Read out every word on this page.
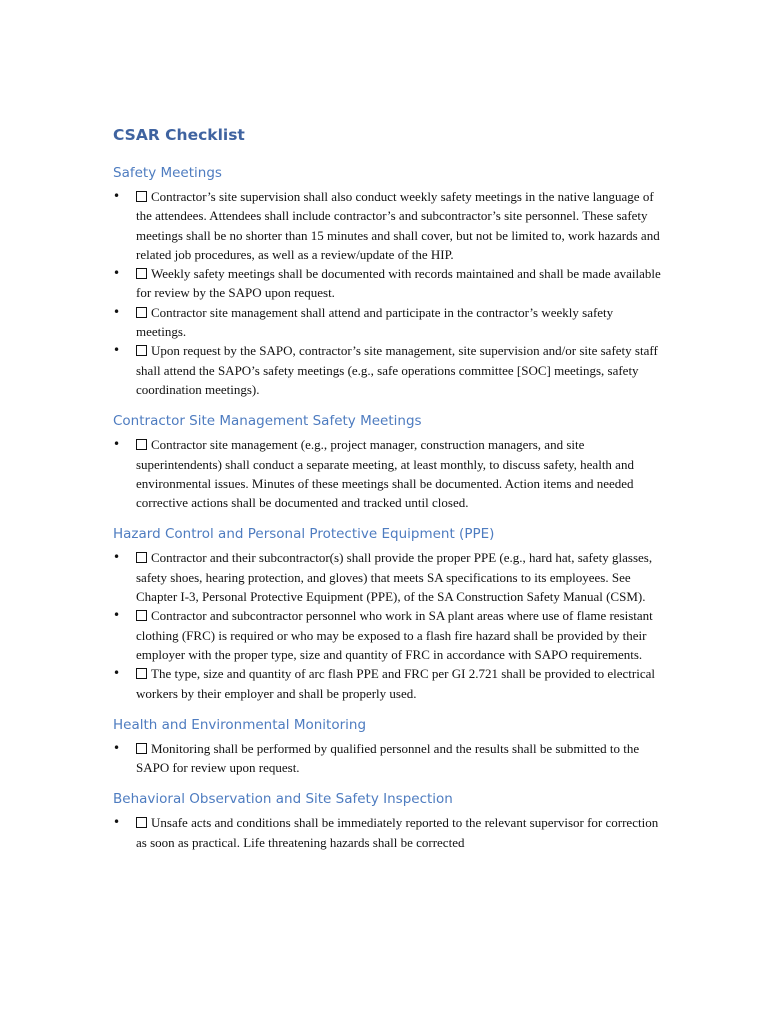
CSAR Checklist
Safety Meetings
• Contractor’s site supervision shall also conduct weekly safety meetings in the native language of the attendees. Attendees shall include contractor’s and subcontractor’s site personnel. These safety meetings shall be no shorter than 15 minutes and shall cover, but not be limited to, work hazards and related job procedures, as well as a review/update of the HIP.
• Weekly safety meetings shall be documented with records maintained and shall be made available for review by the SAPO upon request.
• Contractor site management shall attend and participate in the contractor’s weekly safety meetings.
• Upon request by the SAPO, contractor’s site management, site supervision and/or site safety staff shall attend the SAPO’s safety meetings (e.g., safe operations committee [SOC] meetings, safety coordination meetings).
Contractor Site Management Safety Meetings
• Contractor site management (e.g., project manager, construction managers, and site superintendents) shall conduct a separate meeting, at least monthly, to discuss safety, health and environmental issues. Minutes of these meetings shall be documented. Action items and needed corrective actions shall be documented and tracked until closed.
Hazard Control and Personal Protective Equipment (PPE)
• Contractor and their subcontractor(s) shall provide the proper PPE (e.g., hard hat, safety glasses, safety shoes, hearing protection, and gloves) that meets SA specifications to its employees. See Chapter I-3, Personal Protective Equipment (PPE), of the SA Construction Safety Manual (CSM).
• Contractor and subcontractor personnel who work in SA plant areas where use of flame resistant clothing (FRC) is required or who may be exposed to a flash fire hazard shall be provided by their employer with the proper type, size and quantity of FRC in accordance with SAPO requirements.
• The type, size and quantity of arc flash PPE and FRC per GI 2.721 shall be provided to electrical workers by their employer and shall be properly used.
Health and Environmental Monitoring
• Monitoring shall be performed by qualified personnel and the results shall be submitted to the SAPO for review upon request.
Behavioral Observation and Site Safety Inspection
• Unsafe acts and conditions shall be immediately reported to the relevant supervisor for correction as soon as practical. Life threatening hazards shall be corrected
